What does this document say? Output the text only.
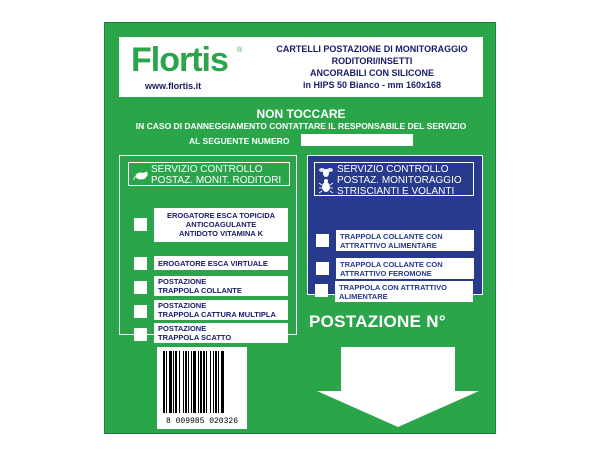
Flortis ®
www.flortis.it
CARTELLI POSTAZIONE DI MONITORAGGIO
RODITORI/INSETTI
ANCORABILI CON SILICONE
in HIPS 50 Bianco - mm 160x168
NON TOCCARE
IN CASO DI DANNEGGIAMENTO CONTATTARE IL RESPONSABILE DEL SERVIZIO
AL SEGUENTE NUMERO
SERVIZIO CONTROLLO
POSTAZ. MONIT. RODITORI
EROGATORE ESCA TOPICIDA
ANTICOAGULANTE
ANTIDOTO VITAMINA K
EROGATORE ESCA VIRTUALE
POSTAZIONE
TRAPPOLA COLLANTE
POSTAZIONE
TRAPPOLA CATTURA MULTIPLA
POSTAZIONE
TRAPPOLA SCATTO
SERVIZIO CONTROLLO
POSTAZ. MONITORAGGIO
STRISCIANTI E VOLANTI
TRAPPOLA COLLANTE CON
ATTRATTIVO ALIMENTARE
TRAPPOLA COLLANTE CON
ATTRATTIVO FEROMONE
TRAPPOLA CON ATTRATTIVO
ALIMENTARE
POSTAZIONE N°
8 009985 020326
